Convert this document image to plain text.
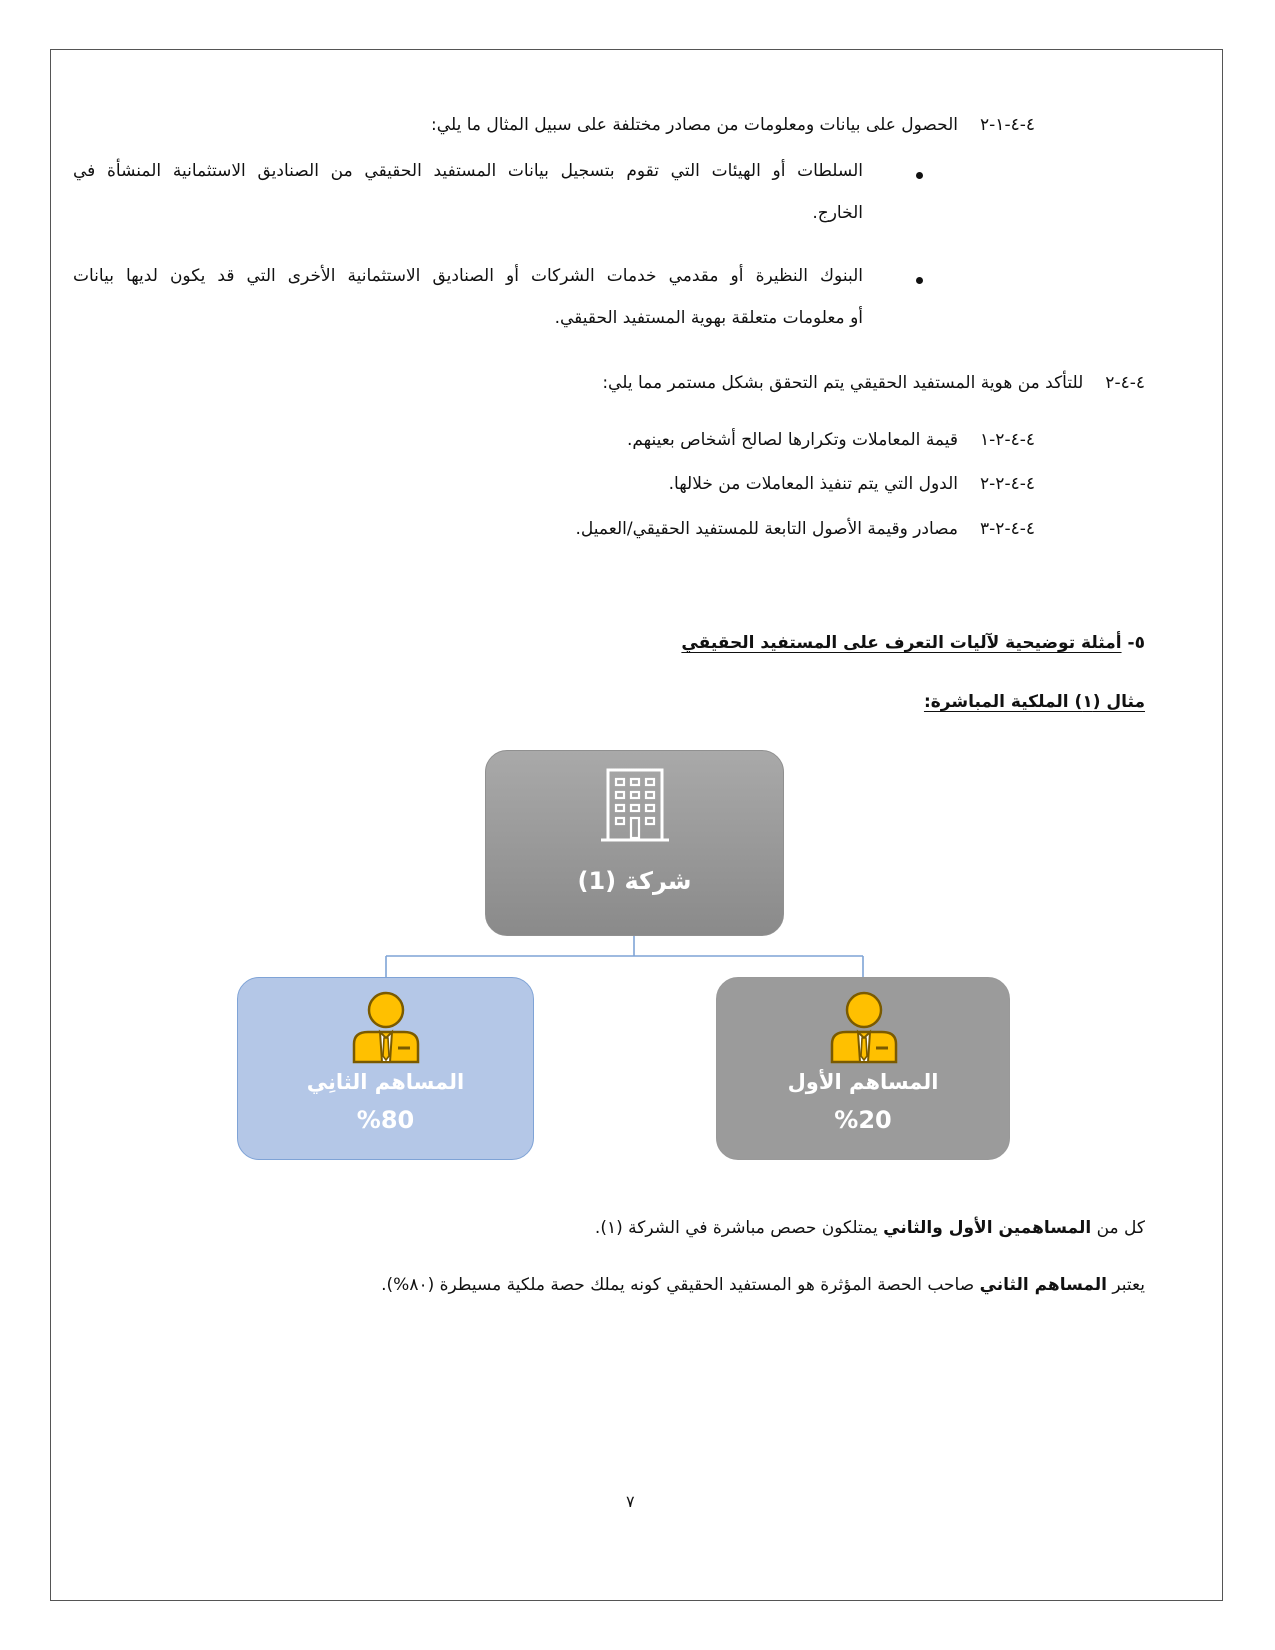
٤-٤-١-٢الحصول على بيانات ومعلومات من مصادر مختلفة على سبيل المثال ما يلي:
السلطات أو الهيئات التي تقوم بتسجيل بيانات المستفيد الحقيقي من الصناديق الاستثمانية المنشأة في
الخارج.
البنوك النظيرة أو مقدمي خدمات الشركات أو الصناديق الاستثمانية الأخرى التي قد يكون لديها بيانات
أو معلومات متعلقة بهوية المستفيد الحقيقي.
٤-٤-٢للتأكد من هوية المستفيد الحقيقي يتم التحقق بشكل مستمر مما يلي:
٤-٤-٢-١قيمة المعاملات وتكرارها لصالح أشخاص بعينهم.
٤-٤-٢-٢الدول التي يتم تنفيذ المعاملات من خلالها.
٤-٤-٢-٣مصادر وقيمة الأصول التابعة للمستفيد الحقيقي/العميل.
٥-أمثلة توضيحية لآليات التعرف على المستفيد الحقيقي
مثال (١) الملكية المباشرة:
شركة (1)
المساهم الأول
%20
المساهم الثانِي
%80
كل من المساهمين الأول والثاني يمتلكون حصص مباشرة في الشركة (١).
يعتبر المساهم الثاني صاحب الحصة المؤثرة هو المستفيد الحقيقي كونه يملك حصة ملكية مسيطرة (٨٠%).
٧
